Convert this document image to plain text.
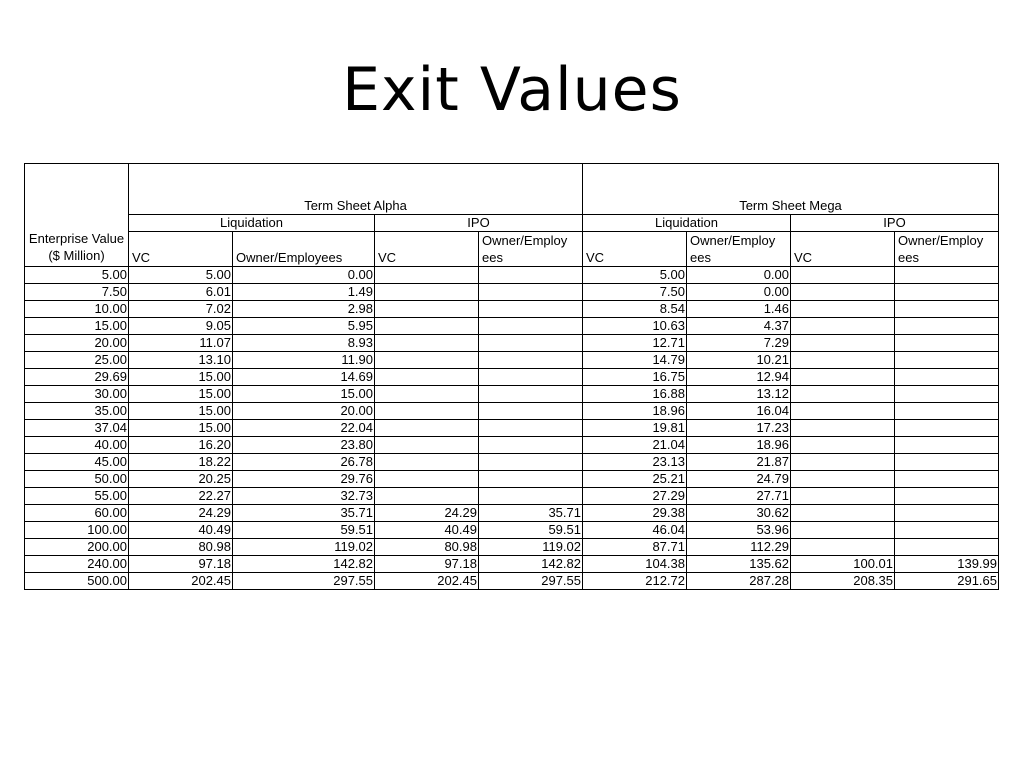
Exit Values
Enterprise Value ($ Million)	Term Sheet Alpha				Term Sheet Mega			
	Liquidation		IPO		Liquidation		IPO	
	VC	Owner/Employees	VC	Owner/Employ ees	VC	Owner/Employ ees	VC	Owner/Employ ees
5.00	5.00	0.00			5.00	0.00		
7.50	6.01	1.49			7.50	0.00		
10.00	7.02	2.98			8.54	1.46		
15.00	9.05	5.95			10.63	4.37		
20.00	11.07	8.93			12.71	7.29		
25.00	13.10	11.90			14.79	10.21		
29.69	15.00	14.69			16.75	12.94		
30.00	15.00	15.00			16.88	13.12		
35.00	15.00	20.00			18.96	16.04		
37.04	15.00	22.04			19.81	17.23		
40.00	16.20	23.80			21.04	18.96		
45.00	18.22	26.78			23.13	21.87		
50.00	20.25	29.76			25.21	24.79		
55.00	22.27	32.73			27.29	27.71		
60.00	24.29	35.71	24.29	35.71	29.38	30.62		
100.00	40.49	59.51	40.49	59.51	46.04	53.96		
200.00	80.98	119.02	80.98	119.02	87.71	112.29		
240.00	97.18	142.82	97.18	142.82	104.38	135.62	100.01	139.99
500.00	202.45	297.55	202.45	297.55	212.72	287.28	208.35	291.65
